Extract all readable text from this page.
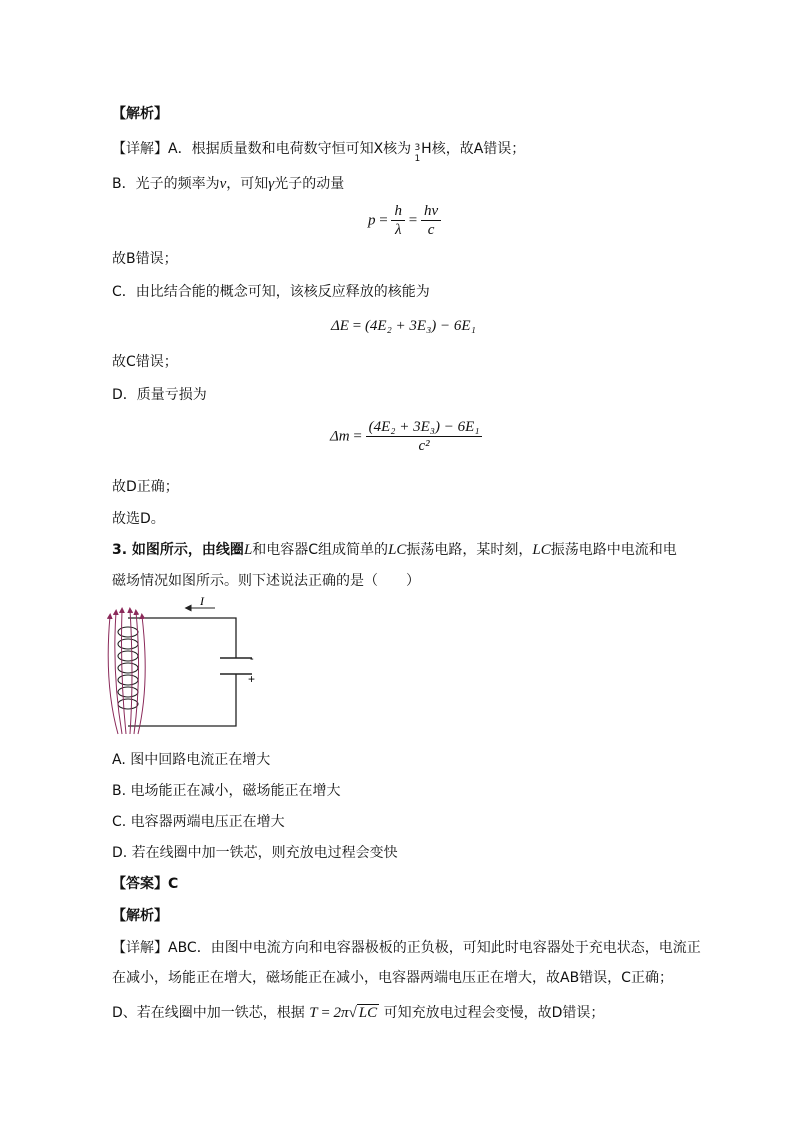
【解析】
【详解】A．根据质量数和电荷数守恒可知X核为 3
1
H核，故A错误；
B．光子的频率为ν，可知γ光子的动量
$p = \frac{h}{\lambda} = \frac{h\nu}{c}$
故B错误；
C．由比结合能的概念可知，该核反应释放的核能为
ΔE = (4E₂ + 3E₃) − 6E₁
故C错误；
D．质量亏损为
$\Delta m = \frac{\text{(4E₂ + 3E₃) − 6E₁}}{\text{c²}}$
故D正确；
故选D。
3. 如图所示，由线圈L和电容器C组成简单的LC振荡电路，某时刻，LC振荡电路中电流和电
磁场情况如图所示。则下述说法正确的是（　　）
-
+
I
A. 图中回路电流正在增大
B. 电场能正在减小，磁场能正在增大
C. 电容器两端电压正在增大
D. 若在线圈中加一铁芯，则充放电过程会变快
【答案】C
【解析】
【详解】ABC．由图中电流方向和电容器极板的正负极，可知此时电容器处于充电状态，电流正
在减小，场能正在增大，磁场能正在减小，电容器两端电压正在增大，故AB错误，C正确；
D、若在线圈中加一铁芯，根据 T = 2π√ LC 可知充放电过程会变慢，故D错误；
